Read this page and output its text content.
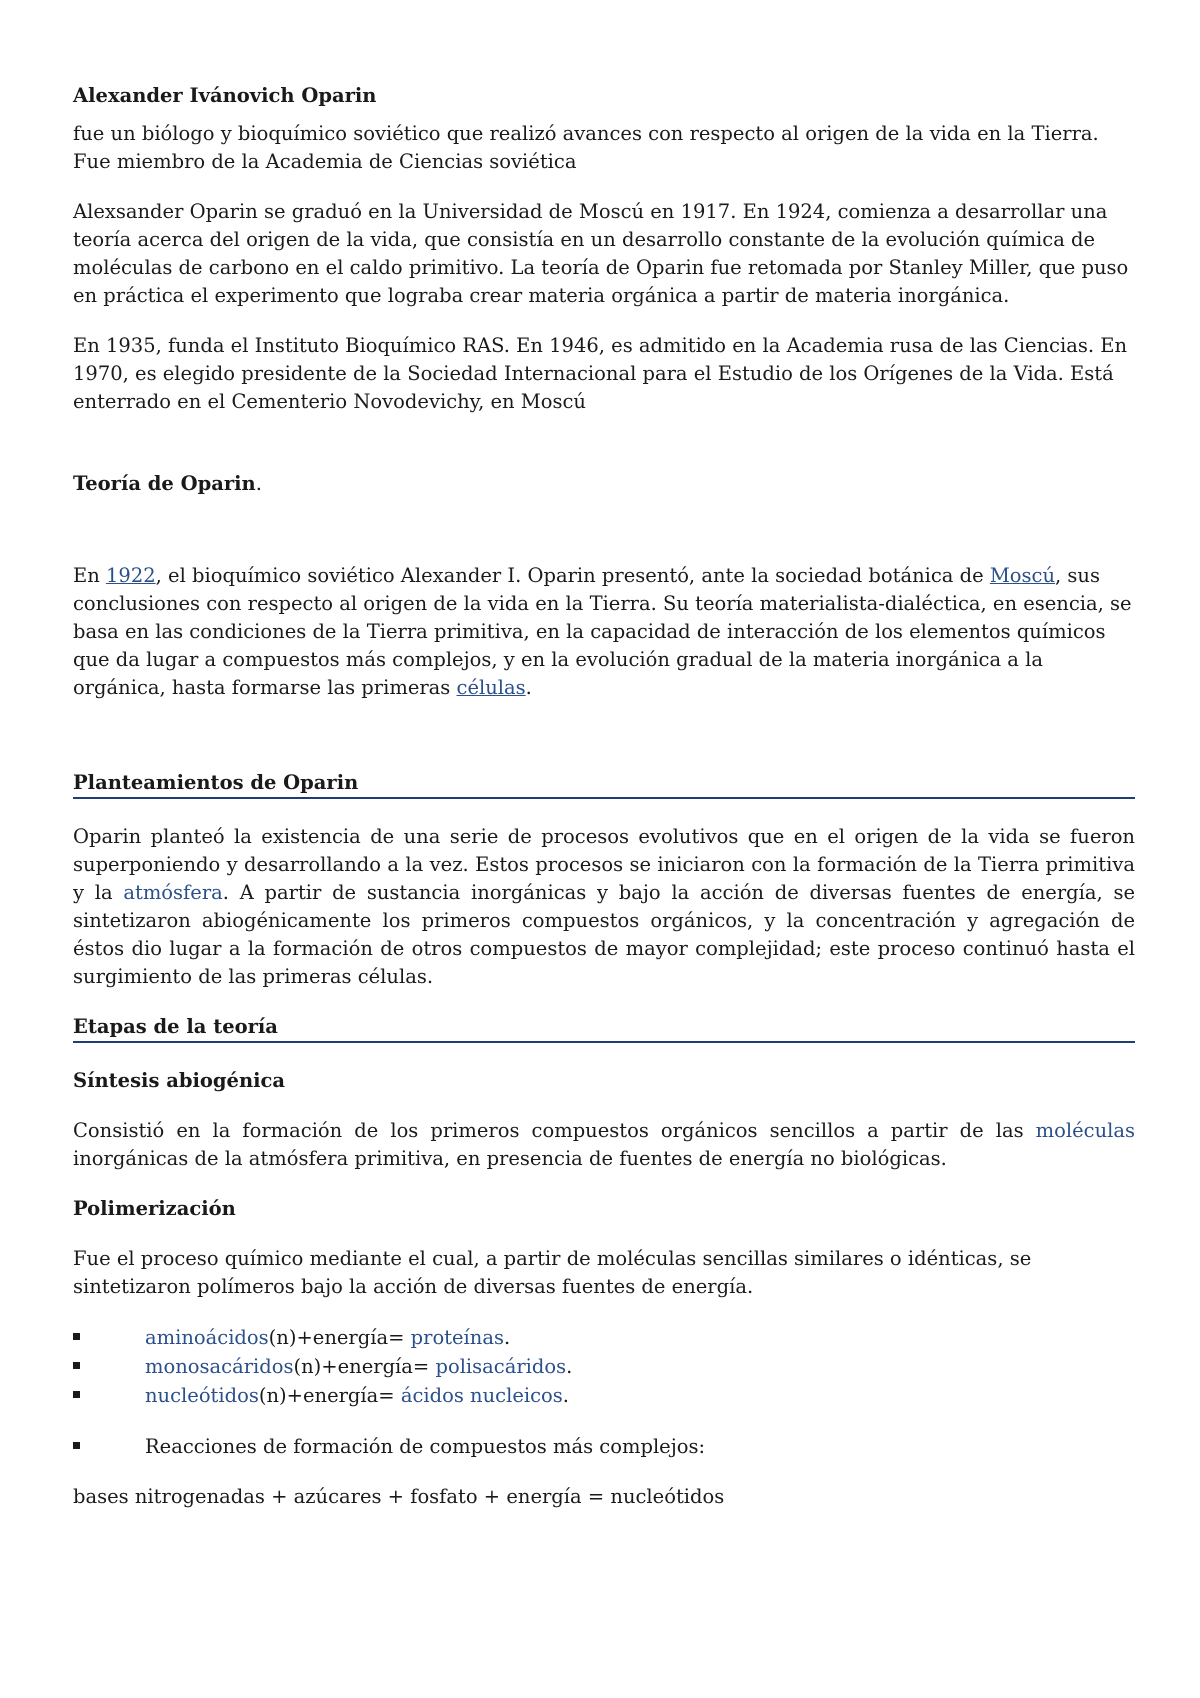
Alexander Ivánovich Oparin

fue un biólogo y bioquímico soviético que realizó avances con respecto al origen de la vida en la Tierra. Fue miembro de la Academia de Ciencias soviética

Alexsander Oparin se graduó en la Universidad de Moscú en 1917. En 1924, comienza a desarrollar una teoría acerca del origen de la vida, que consistía en un desarrollo constante de la evolución química de moléculas de carbono en el caldo primitivo. La teoría de Oparin fue retomada por Stanley Miller, que puso en práctica el experimento que lograba crear materia orgánica a partir de materia inorgánica.

En 1935, funda el Instituto Bioquímico RAS. En 1946, es admitido en la Academia rusa de las Ciencias. En 1970, es elegido presidente de la Sociedad Internacional para el Estudio de los Orígenes de la Vida. Está enterrado en el Cementerio Novodevichy, en Moscú

Teoría de Oparin.

En 1922, el bioquímico soviético Alexander I. Oparin presentó, ante la sociedad botánica de Moscú, sus conclusiones con respecto al origen de la vida en la Tierra. Su teoría materialista-dialéctica, en esencia, se basa en las condiciones de la Tierra primitiva, en la capacidad de interacción de los elementos químicos que da lugar a compuestos más complejos, y en la evolución gradual de la materia inorgánica a la orgánica, hasta formarse las primeras células.

Planteamientos de Oparin

Oparin planteó la existencia de una serie de procesos evolutivos que en el origen de la vida se fueron superponiendo y desarrollando a la vez. Estos procesos se iniciaron con la formación de la Tierra primitiva y la atmósfera. A partir de sustancia inorgánicas y bajo la acción de diversas fuentes de energía, se sintetizaron abiogénicamente los primeros compuestos orgánicos, y la concentración y agregación de éstos dio lugar a la formación de otros compuestos de mayor complejidad; este proceso continuó hasta el surgimiento de las primeras células.

Etapas de la teoría
Síntesis abiogénica

Consistió en la formación de los primeros compuestos orgánicos sencillos a partir de las moléculas inorgánicas de la atmósfera primitiva, en presencia de fuentes de energía no biológicas.

Polimerización

Fue el proceso químico mediante el cual, a partir de moléculas sencillas similares o idénticas, se sintetizaron polímeros bajo la acción de diversas fuentes de energía.

aminoácidos(n)+energía= proteínas.
monosacáridos(n)+energía= polisacáridos.
nucleótidos(n)+energía= ácidos nucleicos.
Reacciones de formación de compuestos más complejos:

bases nitrogenadas + azúcares + fosfato + energía = nucleótidos
